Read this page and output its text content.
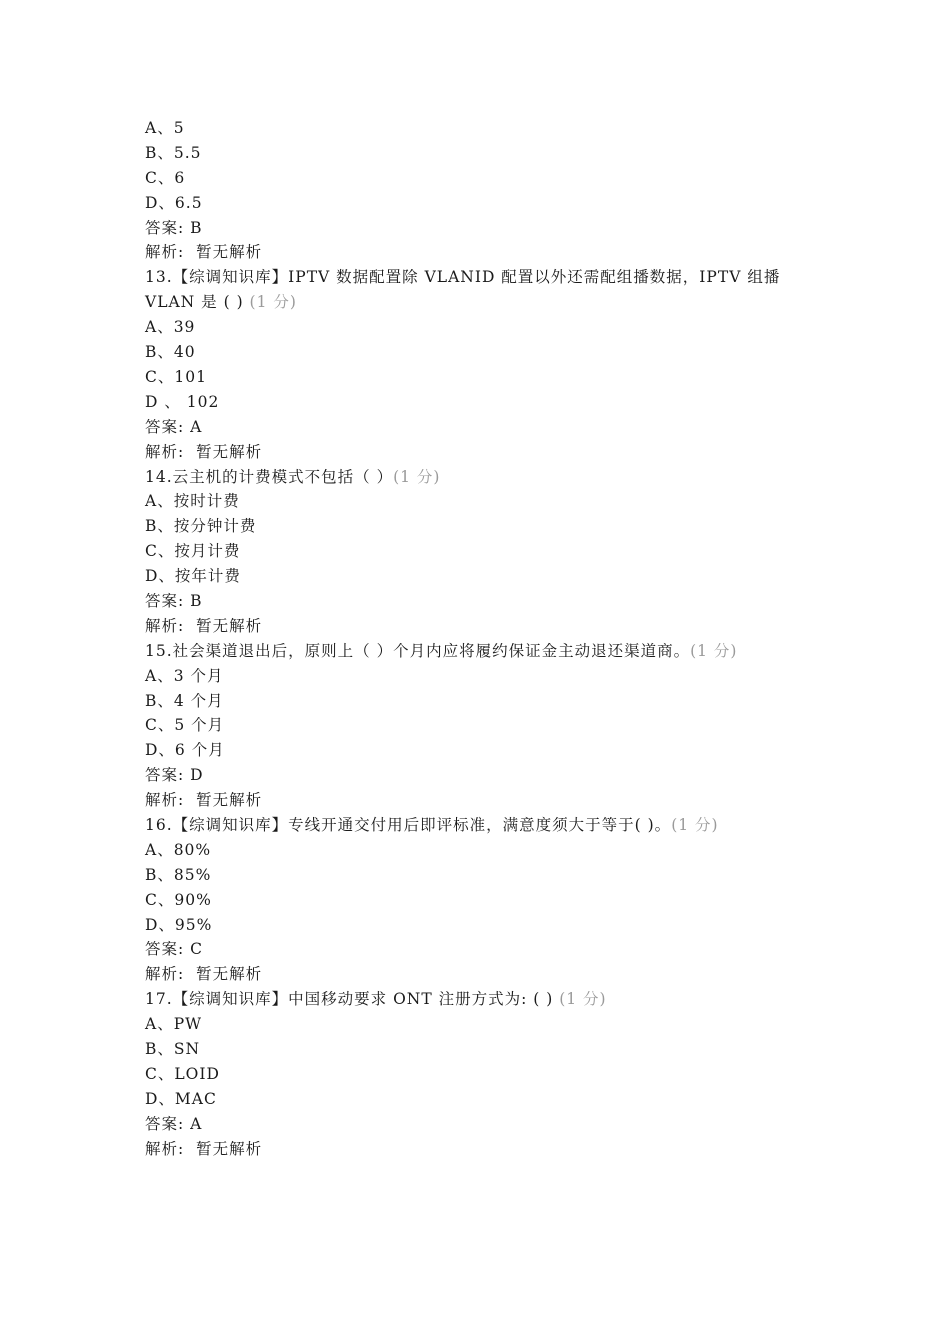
A、5
B、5.5
C、6
D、6.5
答案: B
解析:  暂无解析
13.【综调知识库】IPTV 数据配置除 VLANID 配置以外还需配组播数据，IPTV 组播 VLAN 是 ( ) (1 分)
A、39
B、40
C、101
D 、 102
答案: A
解析:  暂无解析
14.云主机的计费模式不包括（ ）(1 分)
A、按时计费
B、按分钟计费
C、按月计费
D、按年计费
答案: B
解析:  暂无解析
15.社会渠道退出后，原则上（ ）个月内应将履约保证金主动退还渠道商。(1 分)
A、3 个月
B、4 个月
C、5 个月
D、6 个月
答案: D
解析:  暂无解析
16.【综调知识库】专线开通交付用后即评标准，满意度须大于等于( )。(1 分)
A、80%
B、85%
C、90%
D、95%
答案: C
解析:  暂无解析
17.【综调知识库】中国移动要求 ONT 注册方式为: ( ) (1 分)
A、PW
B、SN
C、LOID
D、MAC
答案: A
解析:  暂无解析
